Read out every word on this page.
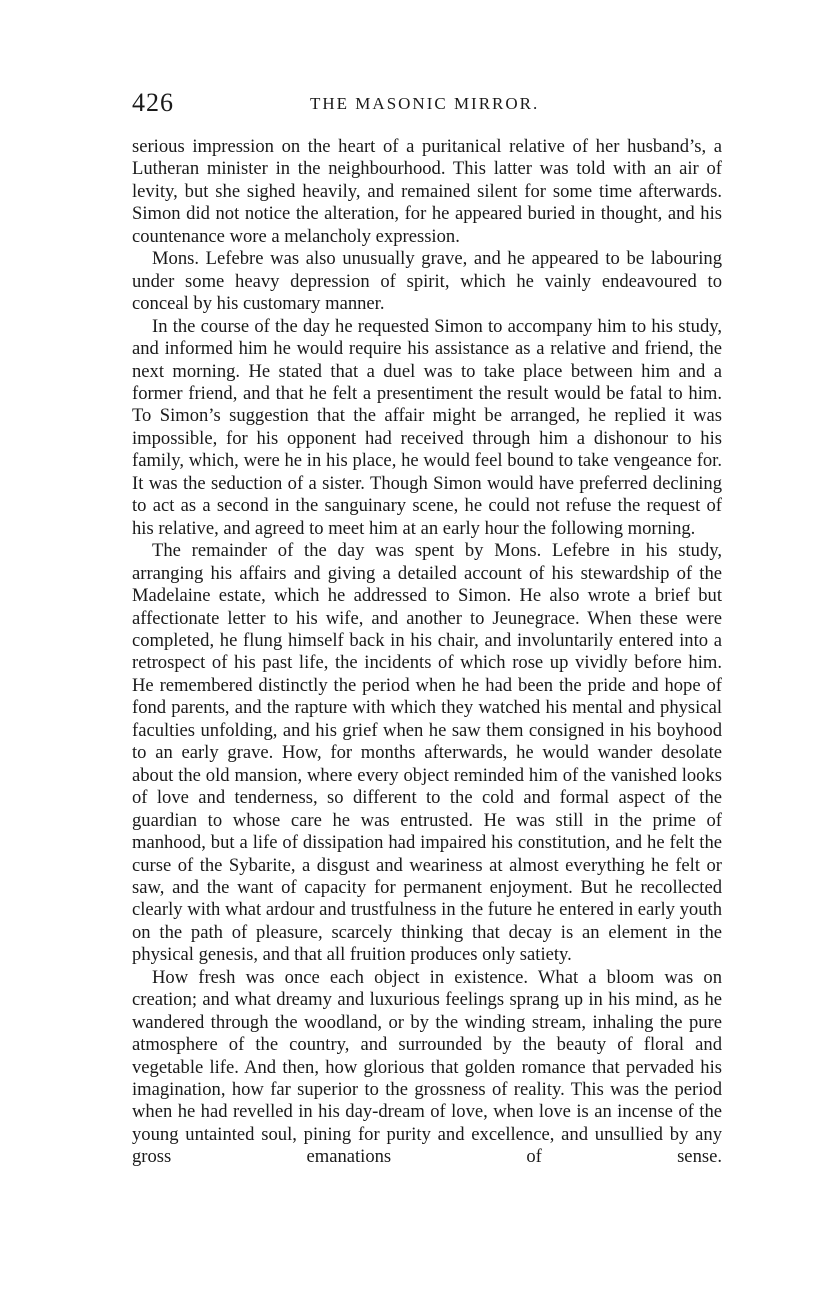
426	THE MASONIC MIRROR.

serious impression on the heart of a puritanical relative of her husband’s, a Lutheran minister in the neighbourhood. This latter was told with an air of levity, but she sighed heavily, and remained silent for some time afterwards. Simon did not notice the alteration, for he appeared buried in thought, and his countenance wore a melancholy expression.

Mons. Lefebre was also unusually grave, and he appeared to be labouring under some heavy depression of spirit, which he vainly endeavoured to conceal by his customary manner.

In the course of the day he requested Simon to accompany him to his study, and informed him he would require his assistance as a relative and friend, the next morning. He stated that a duel was to take place between him and a former friend, and that he felt a presentiment the result would be fatal to him. To Simon’s suggestion that the affair might be arranged, he replied it was impossible, for his opponent had received through him a dishonour to his family, which, were he in his place, he would feel bound to take vengeance for. It was the seduction of a sister. Though Simon would have preferred declining to act as a second in the sanguinary scene, he could not refuse the request of his relative, and agreed to meet him at an early hour the following morning.

The remainder of the day was spent by Mons. Lefebre in his study, arranging his affairs and giving a detailed account of his stewardship of the Madelaine estate, which he addressed to Simon. He also wrote a brief but affectionate letter to his wife, and another to Jeunegrace. When these were completed, he flung himself back in his chair, and involuntarily entered into a retrospect of his past life, the incidents of which rose up vividly before him. He remembered distinctly the period when he had been the pride and hope of fond parents, and the rapture with which they watched his mental and physical faculties unfolding, and his grief when he saw them consigned in his boyhood to an early grave. How, for months afterwards, he would wander desolate about the old mansion, where every object reminded him of the vanished looks of love and tenderness, so different to the cold and formal aspect of the guardian to whose care he was entrusted. He was still in the prime of manhood, but a life of dissipation had impaired his constitution, and he felt the curse of the Sybarite, a disgust and weariness at almost everything he felt or saw, and the want of capacity for permanent enjoyment. But he recollected clearly with what ardour and trustfulness in the future he entered in early youth on the path of pleasure, scarcely thinking that decay is an element in the physical genesis, and that all fruition produces only satiety.

How fresh was once each object in existence. What a bloom was on creation; and what dreamy and luxurious feelings sprang up in his mind, as he wandered through the woodland, or by the winding stream, inhaling the pure atmosphere of the country, and surrounded by the beauty of floral and vegetable life. And then, how glorious that golden romance that pervaded his imagination, how far superior to the grossness of reality. This was the period when he had revelled in his day-dream of love, when love is an incense of the young untainted soul, pining for purity and excellence, and unsullied by any gross emanations of sense.
